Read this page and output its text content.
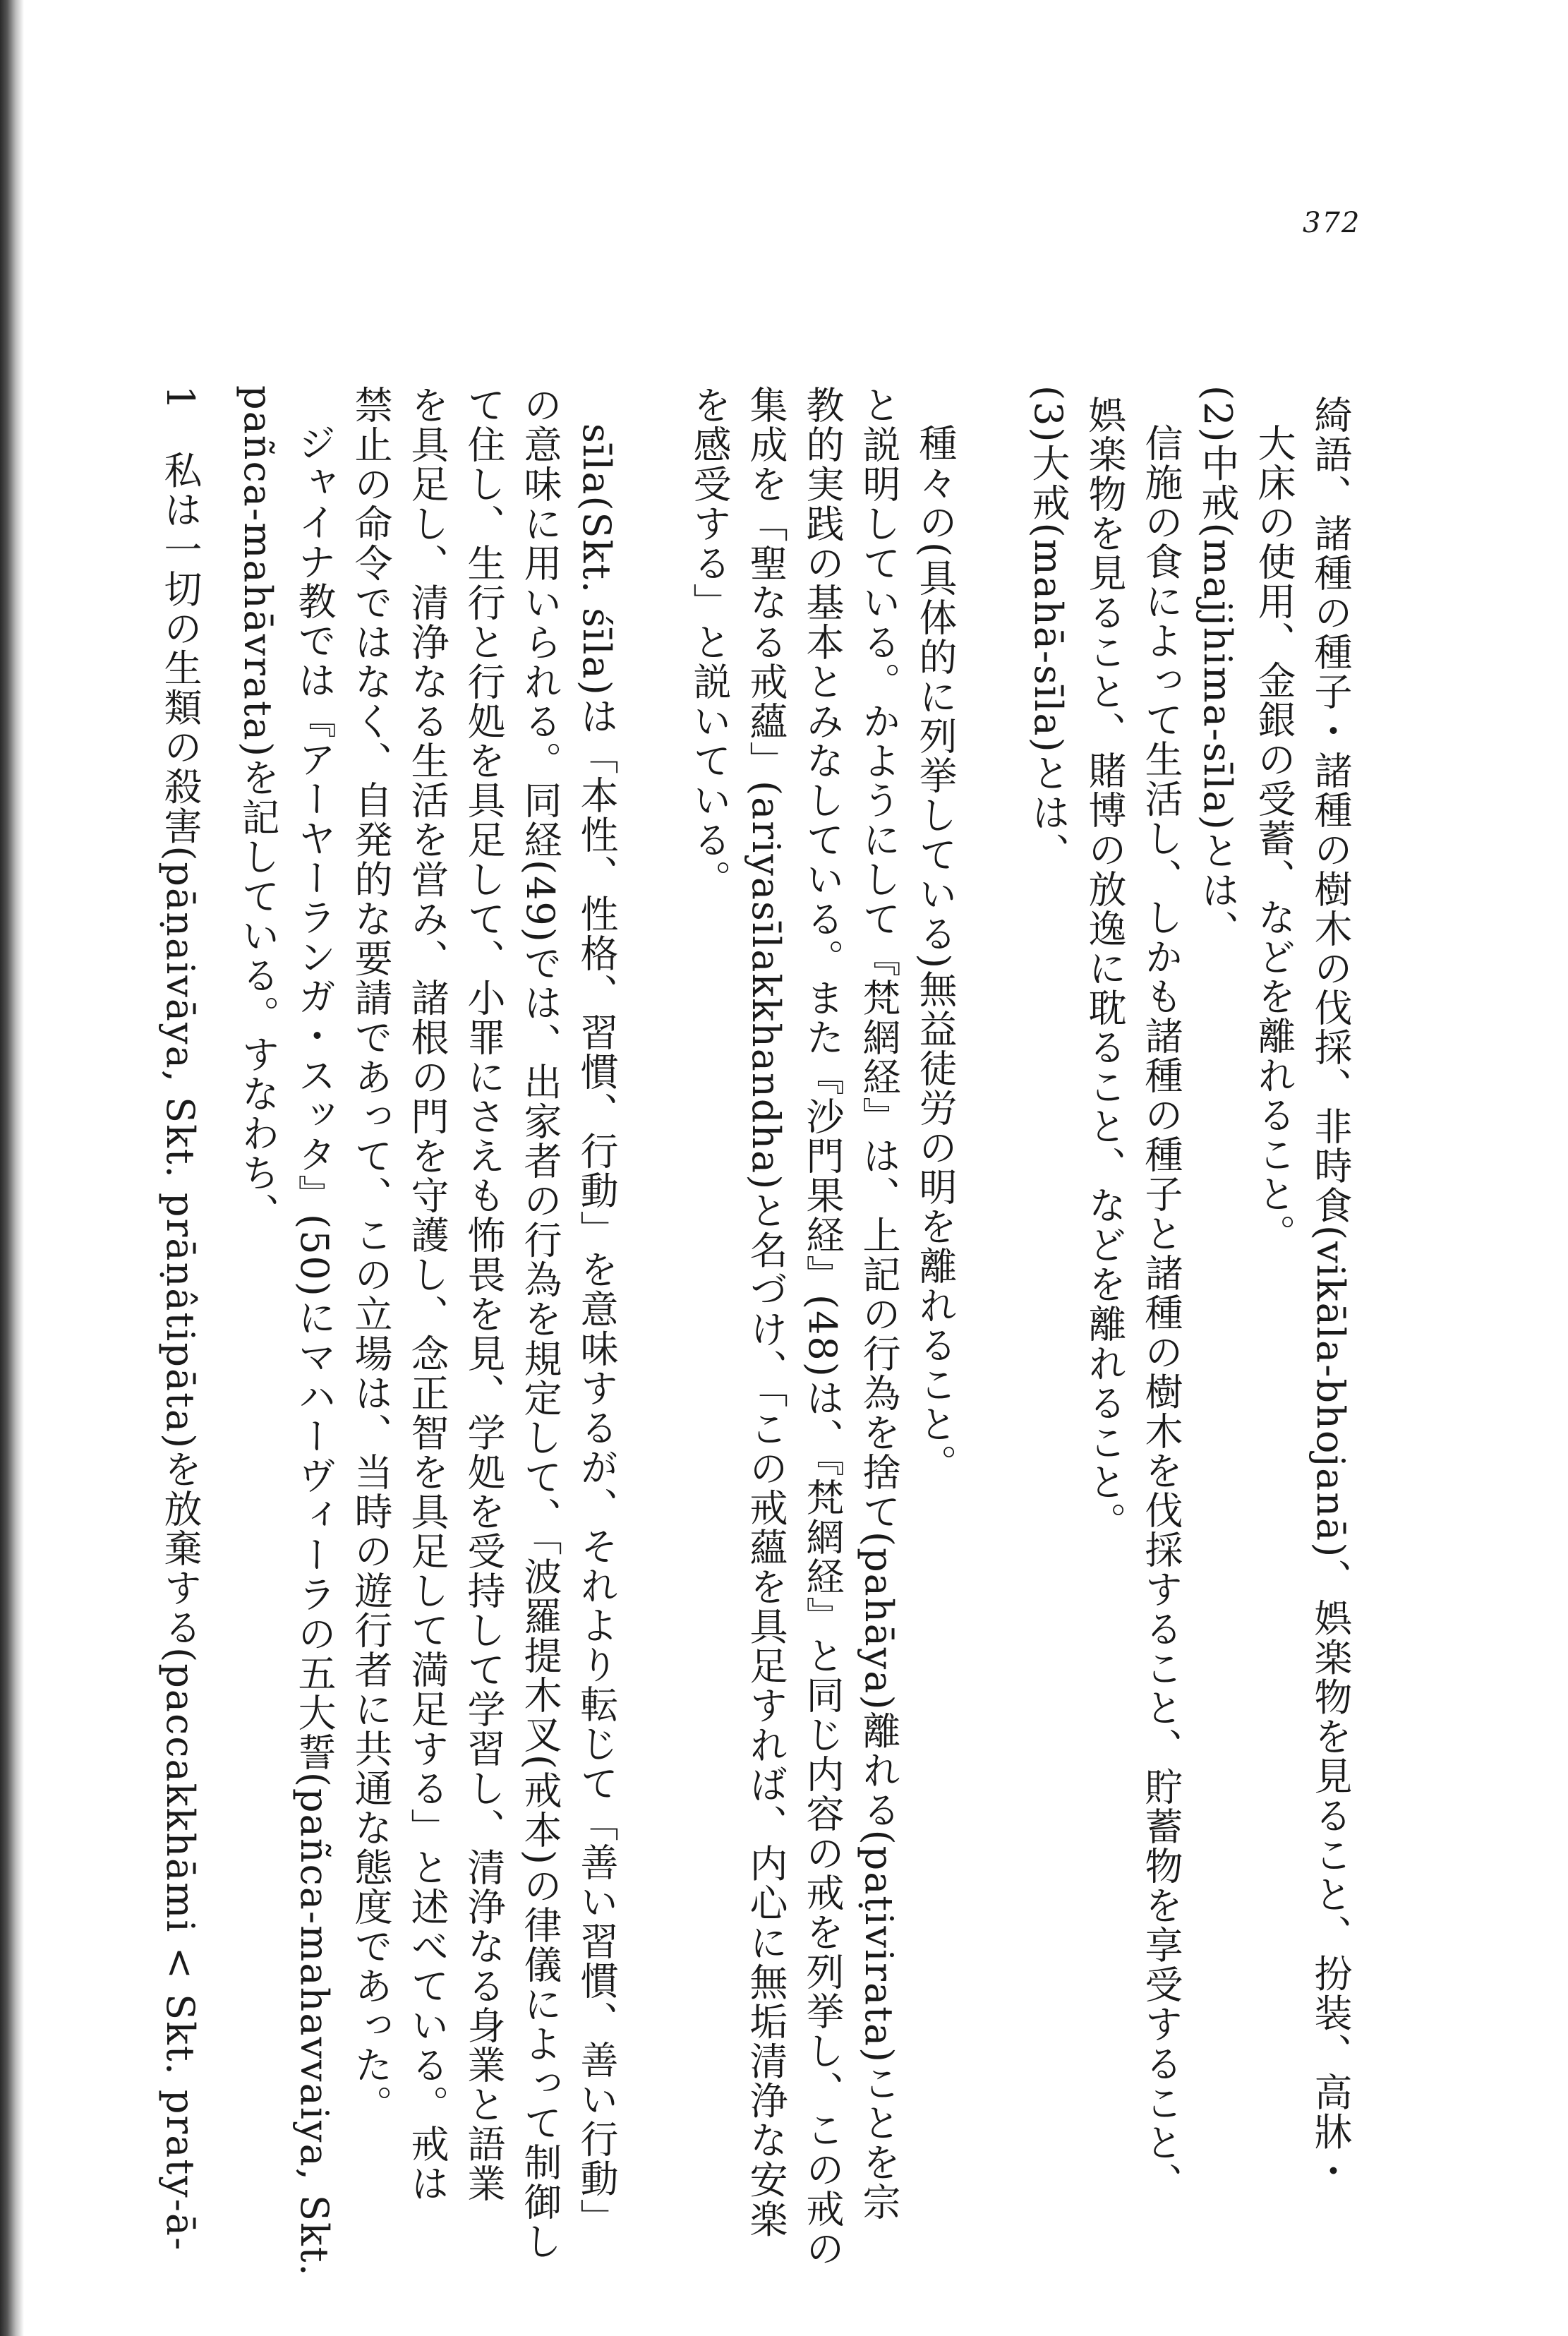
372
綺語、諸種の種子・諸種の樹木の伐採、非時食(vikāla-bhojanā)、娯楽物を見ること、扮装、高牀・
大床の使用、金銀の受蓄、などを離れること。
(2)中戒(majjhima-sīla)とは、
信施の食によって生活し、しかも諸種の種子と諸種の樹木を伐採すること、貯蓄物を享受すること、
娯楽物を見ること、賭博の放逸に耽ること、などを離れること。
(3)大戒(mahā-sīla)とは、
種々の(具体的に列挙している)無益徒労の明を離れること。
と説明している。かようにして『梵網経』は、上記の行為を捨て(pahāya)離れる(paṭivirata)ことを宗
教的実践の基本とみなしている。また『沙門果経』(48)は、『梵網経』と同じ内容の戒を列挙し、この戒の
集成を「聖なる戒蘊」(ariyasīlakkhandha)と名づけ、「この戒蘊を具足すれば、内心に無垢清浄な安楽
を感受する」と説いている。
sīla(Skt. śīla)は「本性、性格、習慣、行動」を意味するが、それより転じて「善い習慣、善い行動」
の意味に用いられる。同経(49)では、出家者の行為を規定して、「波羅提木叉(戒本)の律儀によって制御し
て住し、生行と行処を具足して、小罪にさえも怖畏を見、学処を受持して学習し、清浄なる身業と語業
を具足し、清浄なる生活を営み、諸根の門を守護し、念正智を具足して満足する」と述べている。戒は
禁止の命令ではなく、自発的な要請であって、この立場は、当時の遊行者に共通な態度であった。
ジャイナ教では『アーヤーランガ・スッタ』(50)にマハーヴィーラの五大誓(pañca-mahavvaiya, Skt.
pañca-mahāvrata)を記している。すなわち、
1　私は一切の生類の殺害(pāṇaivāya, Skt. prāṇâtipāta)を放棄する(paccakkhāmi < Skt. praty-ā-
